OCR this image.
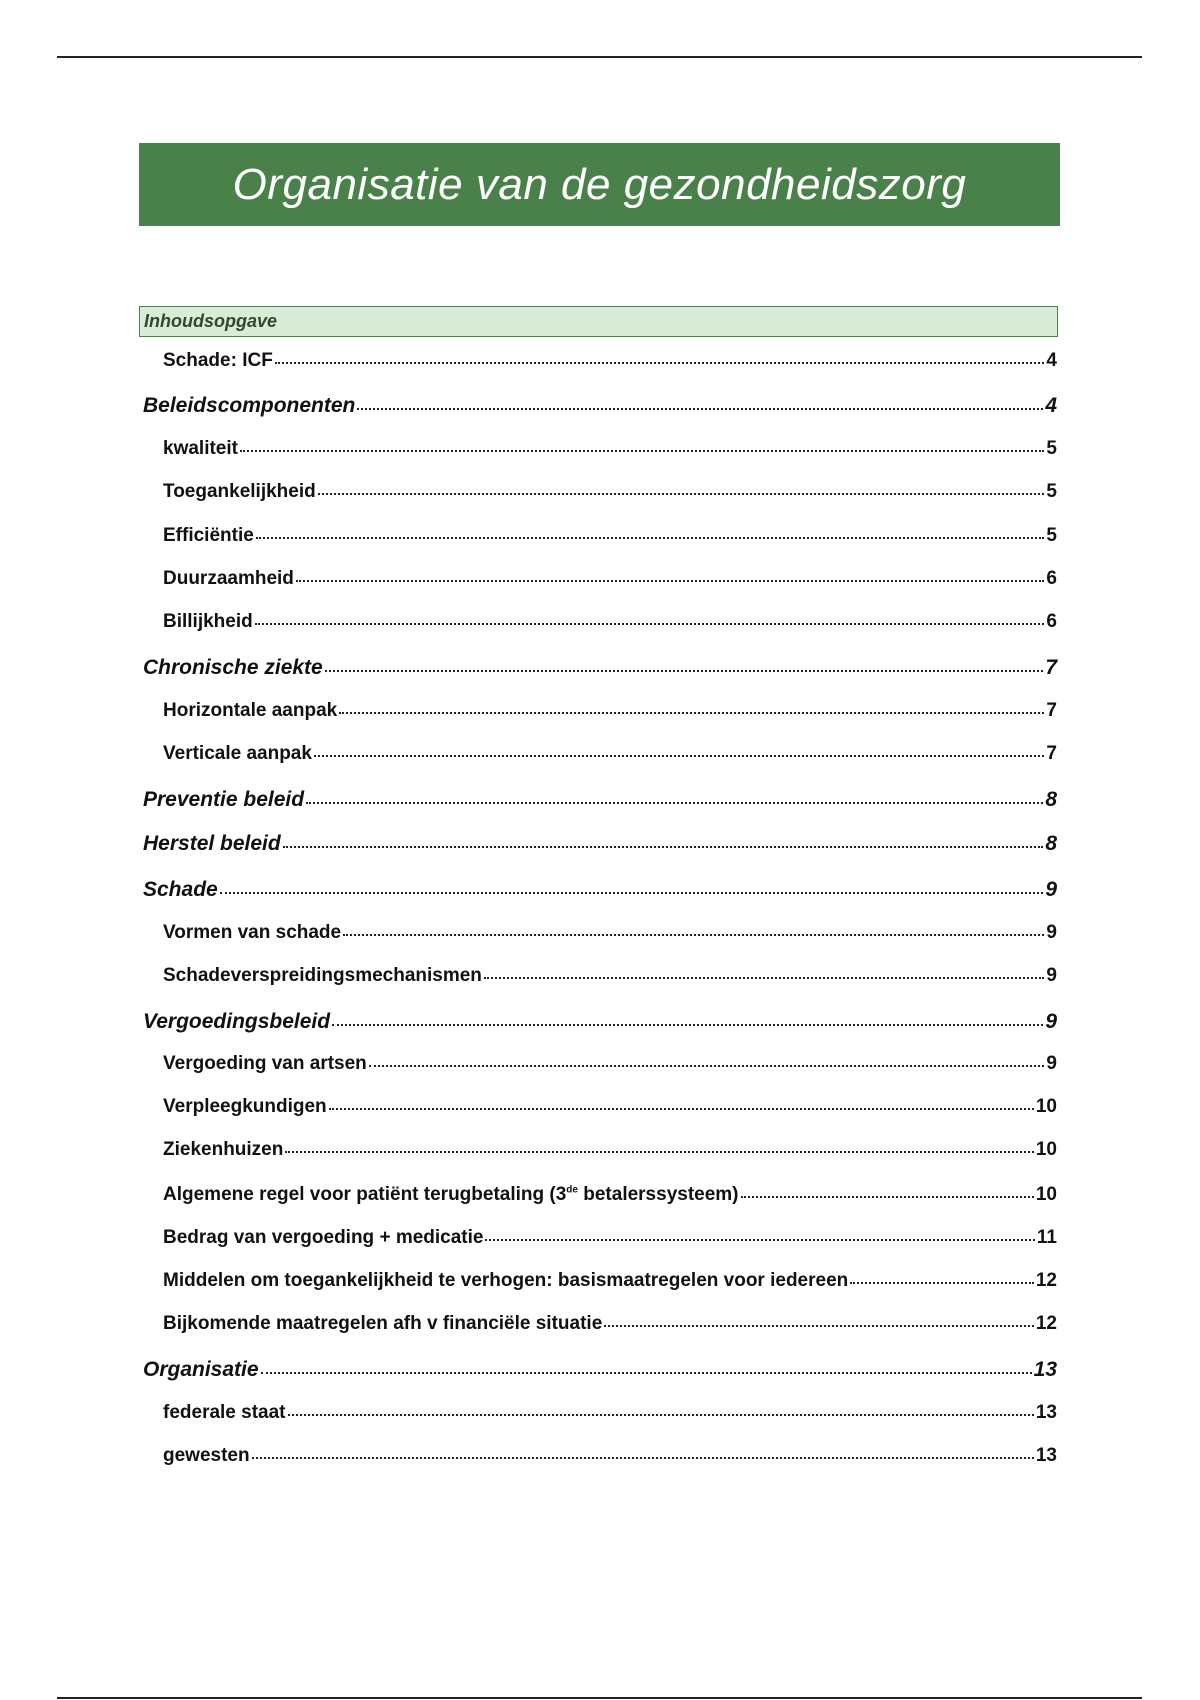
Organisatie van de gezondheidszorg
Inhoudsopgave
Schade: ICF	4
Beleidscomponenten	4
kwaliteit	5
Toegankelijkheid	5
Efficiëntie	5
Duurzaamheid	6
Billijkheid	6
Chronische ziekte	7
Horizontale aanpak	7
Verticale aanpak	7
Preventie beleid	8
Herstel beleid	8
Schade	9
Vormen van schade	9
Schadeverspreidingsmechanismen	9
Vergoedingsbeleid	9
Vergoeding van artsen	9
Verpleegkundigen	10
Ziekenhuizen	10
Algemene regel voor patiënt terugbetaling (3de betalerssysteem)	10
Bedrag van vergoeding + medicatie	11
Middelen om toegankelijkheid te verhogen: basismaatregelen voor iedereen	12
Bijkomende maatregelen afh v financiële situatie	12
Organisatie	13
federale staat	13
gewesten	13
